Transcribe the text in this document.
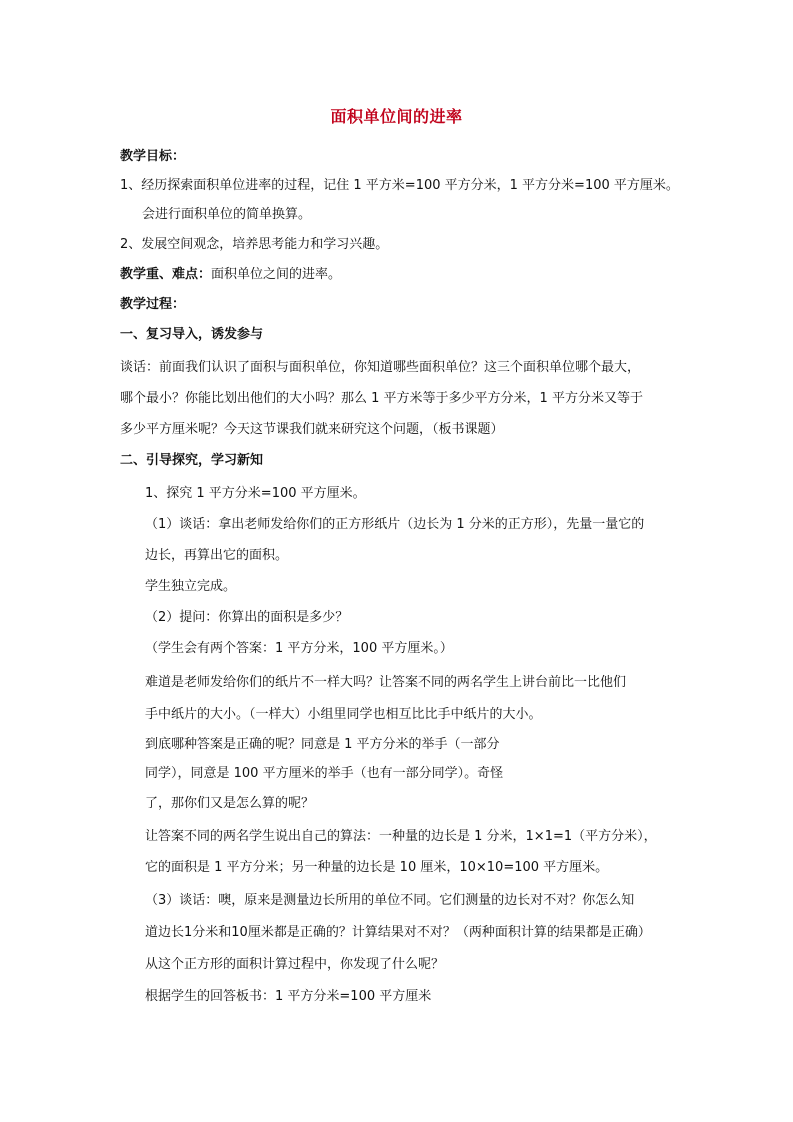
面积单位间的进率
教学目标：
1、经历探索面积单位进率的过程，记住 1 平方米=100 平方分米，1 平方分米=100 平方厘米。
会进行面积单位的简单换算。
2、发展空间观念，培养思考能力和学习兴趣。
教学重、难点：面积单位之间的进率。
教学过程：
一、复习导入，诱发参与
谈话：前面我们认识了面积与面积单位，你知道哪些面积单位？这三个面积单位哪个最大，
哪个最小？你能比划出他们的大小吗？那么 1 平方米等于多少平方分米，1 平方分米又等于
多少平方厘米呢？今天这节课我们就来研究这个问题，（板书课题）
二、引导探究，学习新知
1、探究 1 平方分米=100 平方厘米。
（1）谈话：拿出老师发给你们的正方形纸片（边长为 1 分米的正方形），先量一量它的
边长，再算出它的面积。
学生独立完成。
（2）提问：你算出的面积是多少？
（学生会有两个答案：1 平方分米，100 平方厘米。）
难道是老师发给你们的纸片不一样大吗？让答案不同的两名学生上讲台前比一比他们
手中纸片的大小。（一样大）小组里同学也相互比比手中纸片的大小。
到底哪种答案是正确的呢？同意是 1 平方分米的举手（一部分
同学），同意是 100 平方厘米的举手（也有一部分同学）。奇怪
了，那你们又是怎么算的呢？
让答案不同的两名学生说出自己的算法：一种量的边长是 1 分米，1×1=1（平方分米），
它的面积是 1 平方分米；另一种量的边长是 10 厘米，10×10=100 平方厘米。
（3）谈话：噢，原来是测量边长所用的单位不同。它们测量的边长对不对？你怎么知
道边长1分米和10厘米都是正确的？计算结果对不对？（两种面积计算的结果都是正确）
从这个正方形的面积计算过程中，你发现了什么呢？
根据学生的回答板书：1 平方分米=100 平方厘米
